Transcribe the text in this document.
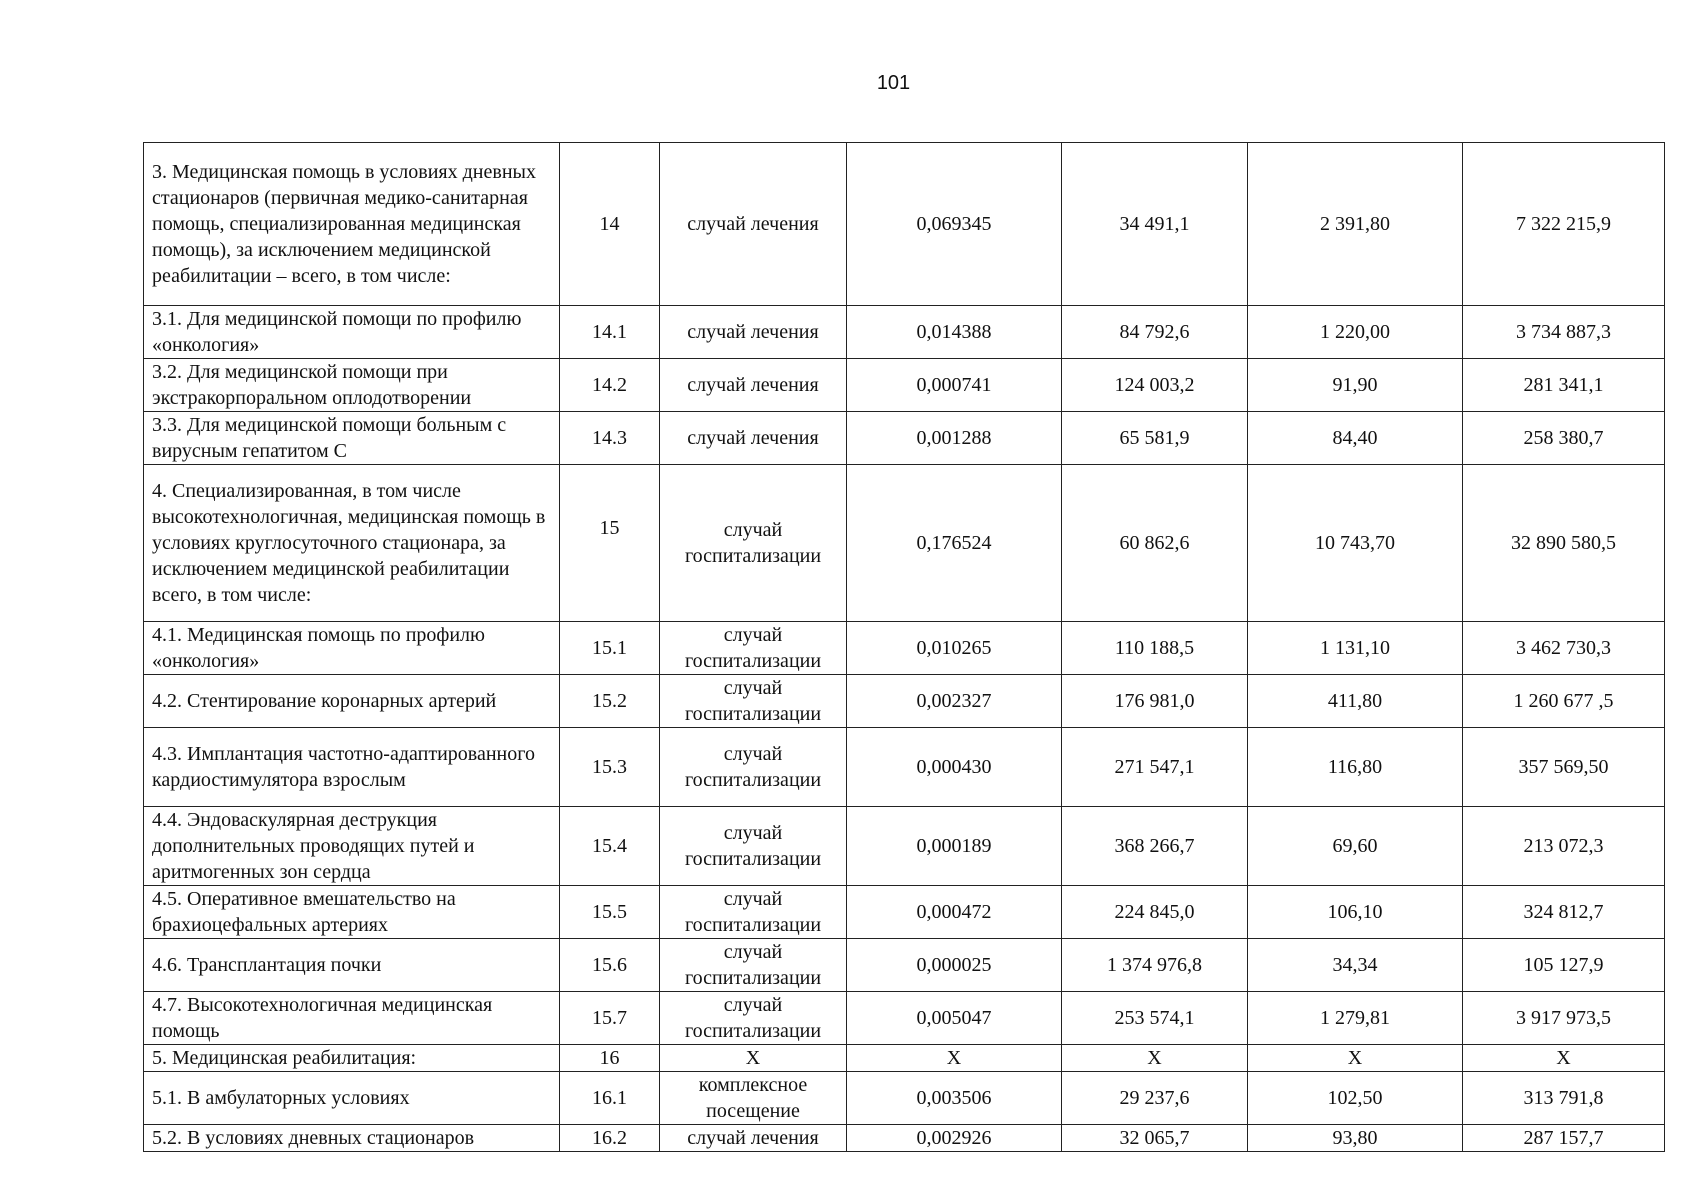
101
3. Медицинская помощь в условиях дневных стационаров (первичная медико-санитарная помощь, специализированная медицинская помощь), за исключением медицинской реабилитации – всего, в том числе:	14	случай лечения	0,069345	34 491,1	2 391,80	7 322 215,9
3.1. Для медицинской помощи по профилю «онкология»	14.1	случай лечения	0,014388	84 792,6	1 220,00	3 734 887,3
3.2. Для медицинской помощи при экстракорпоральном оплодотворении	14.2	случай лечения	0,000741	124 003,2	91,90	281 341,1
3.3. Для медицинской помощи больным с вирусным гепатитом С	14.3	случай лечения	0,001288	65 581,9	84,40	258 380,7
4. Специализированная, в том числе высокотехнологичная, медицинская помощь в условиях круглосуточного стационара, за исключением медицинской реабилитации всего, в том числе:	15	случай госпитализации	0,176524	60 862,6	10 743,70	32 890 580,5
4.1. Медицинская помощь по профилю «онкология»	15.1	случай госпитализации	0,010265	110 188,5	1 131,10	3 462 730,3
4.2. Стентирование коронарных артерий	15.2	случай госпитализации	0,002327	176 981,0	411,80	1 260 677 ,5
4.3. Имплантация частотно-адаптированного кардиостимулятора взрослым	15.3	случай госпитализации	0,000430	271 547,1	116,80	357 569,50
4.4. Эндоваскулярная деструкция дополнительных проводящих путей и аритмогенных зон сердца	15.4	случай госпитализации	0,000189	368 266,7	69,60	213 072,3
4.5. Оперативное вмешательство на брахиоцефальных артериях	15.5	случай госпитализации	0,000472	224 845,0	106,10	324 812,7
4.6. Трансплантация почки	15.6	случай госпитализации	0,000025	1 374 976,8	34,34	105 127,9
4.7. Высокотехнологичная медицинская помощь	15.7	случай госпитализации	0,005047	253 574,1	1 279,81	3 917 973,5
5. Медицинская реабилитация:	16	Х	Х	Х	Х	Х
5.1. В амбулаторных условиях	16.1	комплексное посещение	0,003506	29 237,6	102,50	313 791,8
5.2. В условиях дневных стационаров	16.2	случай лечения	0,002926	32 065,7	93,80	287 157,7
